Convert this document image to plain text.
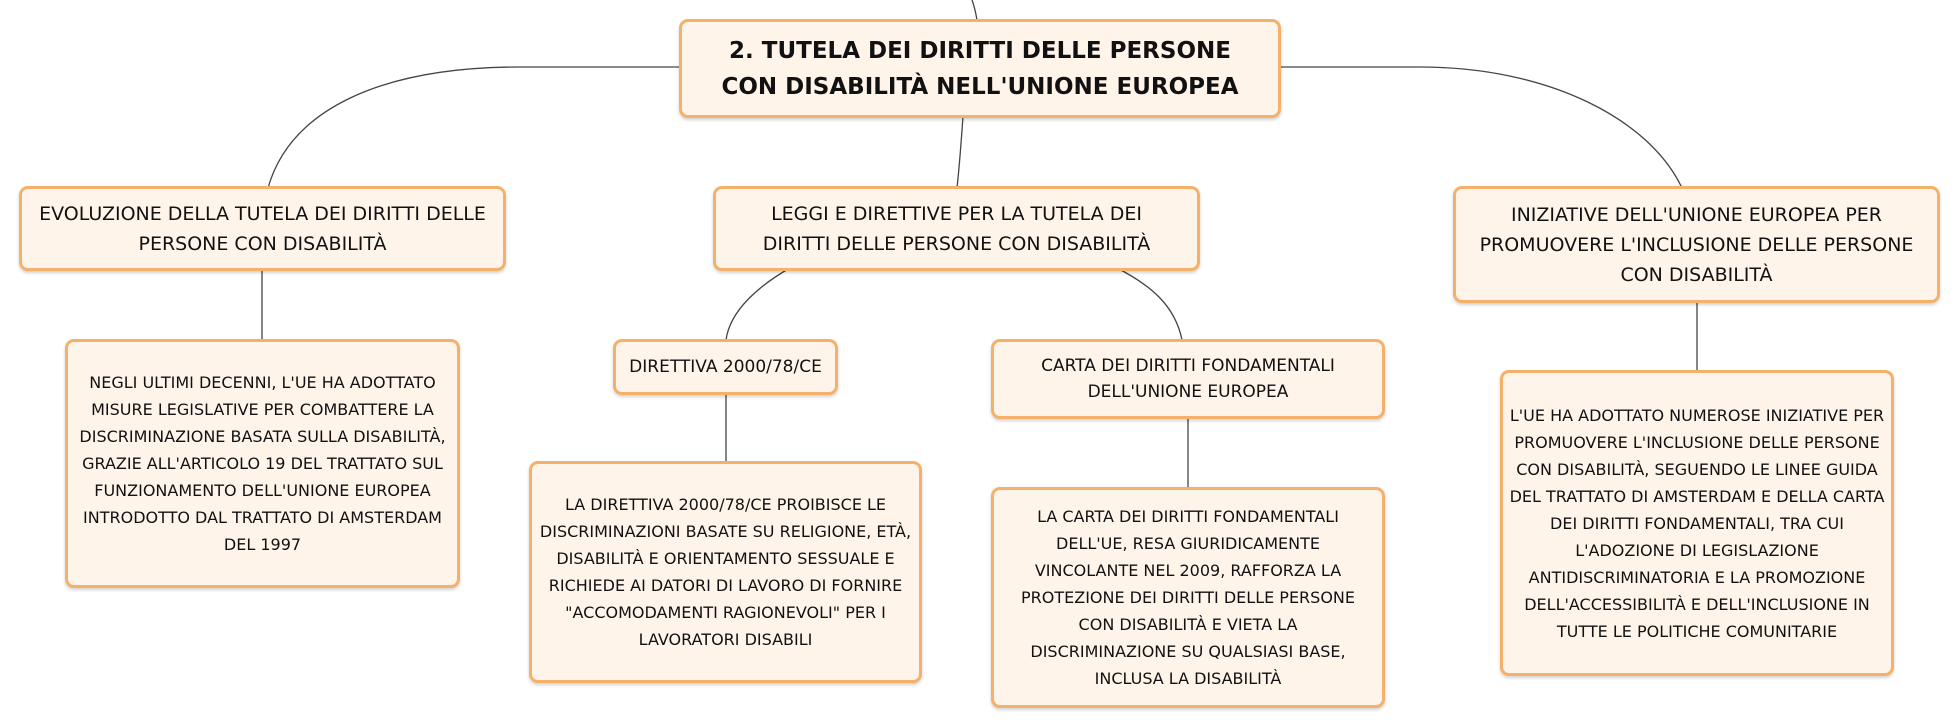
2. TUTELA DEI DIRITTI DELLE PERSONE CON DISABILITÀ NELL'UNIONE EUROPEA
EVOLUZIONE DELLA TUTELA DEI DIRITTI DELLE PERSONE CON DISABILITÀ
LEGGI E DIRETTIVE PER LA TUTELA DEI DIRITTI DELLE PERSONE CON DISABILITÀ
INIZIATIVE DELL'UNIONE EUROPEA PER PROMUOVERE L'INCLUSIONE DELLE PERSONE CON DISABILITÀ
NEGLI ULTIMI DECENNI, L'UE HA ADOTTATO MISURE LEGISLATIVE PER COMBATTERE LA DISCRIMINAZIONE BASATA SULLA DISABILITÀ, GRAZIE ALL'ARTICOLO 19 DEL TRATTATO SUL FUNZIONAMENTO DELL'UNIONE EUROPEA INTRODOTTO DAL TRATTATO DI AMSTERDAM DEL 1997
DIRETTIVA 2000/78/CE	CARTA DEI DIRITTI FONDAMENTALI DELL'UNIONE EUROPEA
LA DIRETTIVA 2000/78/CE PROIBISCE LE DISCRIMINAZIONI BASATE SU RELIGIONE, ETÀ, DISABILITÀ E ORIENTAMENTO SESSUALE E RICHIEDE AI DATORI DI LAVORO DI FORNIRE "ACCOMODAMENTI RAGIONEVOLI" PER I LAVORATORI DISABILI
LA CARTA DEI DIRITTI FONDAMENTALI DELL'UE, RESA GIURIDICAMENTE VINCOLANTE NEL 2009, RAFFORZA LA PROTEZIONE DEI DIRITTI DELLE PERSONE CON DISABILITÀ E VIETA LA DISCRIMINAZIONE SU QUALSIASI BASE, INCLUSA LA DISABILITÀ
L'UE HA ADOTTATO NUMEROSE INIZIATIVE PER PROMUOVERE L'INCLUSIONE DELLE PERSONE CON DISABILITÀ, SEGUENDO LE LINEE GUIDA DEL TRATTATO DI AMSTERDAM E DELLA CARTA DEI DIRITTI FONDAMENTALI, TRA CUI L'ADOZIONE DI LEGISLAZIONE ANTIDISCRIMINATORIA E LA PROMOZIONE DELL'ACCESSIBILITÀ E DELL'INCLUSIONE IN TUTTE LE POLITICHE COMUNITARIE
